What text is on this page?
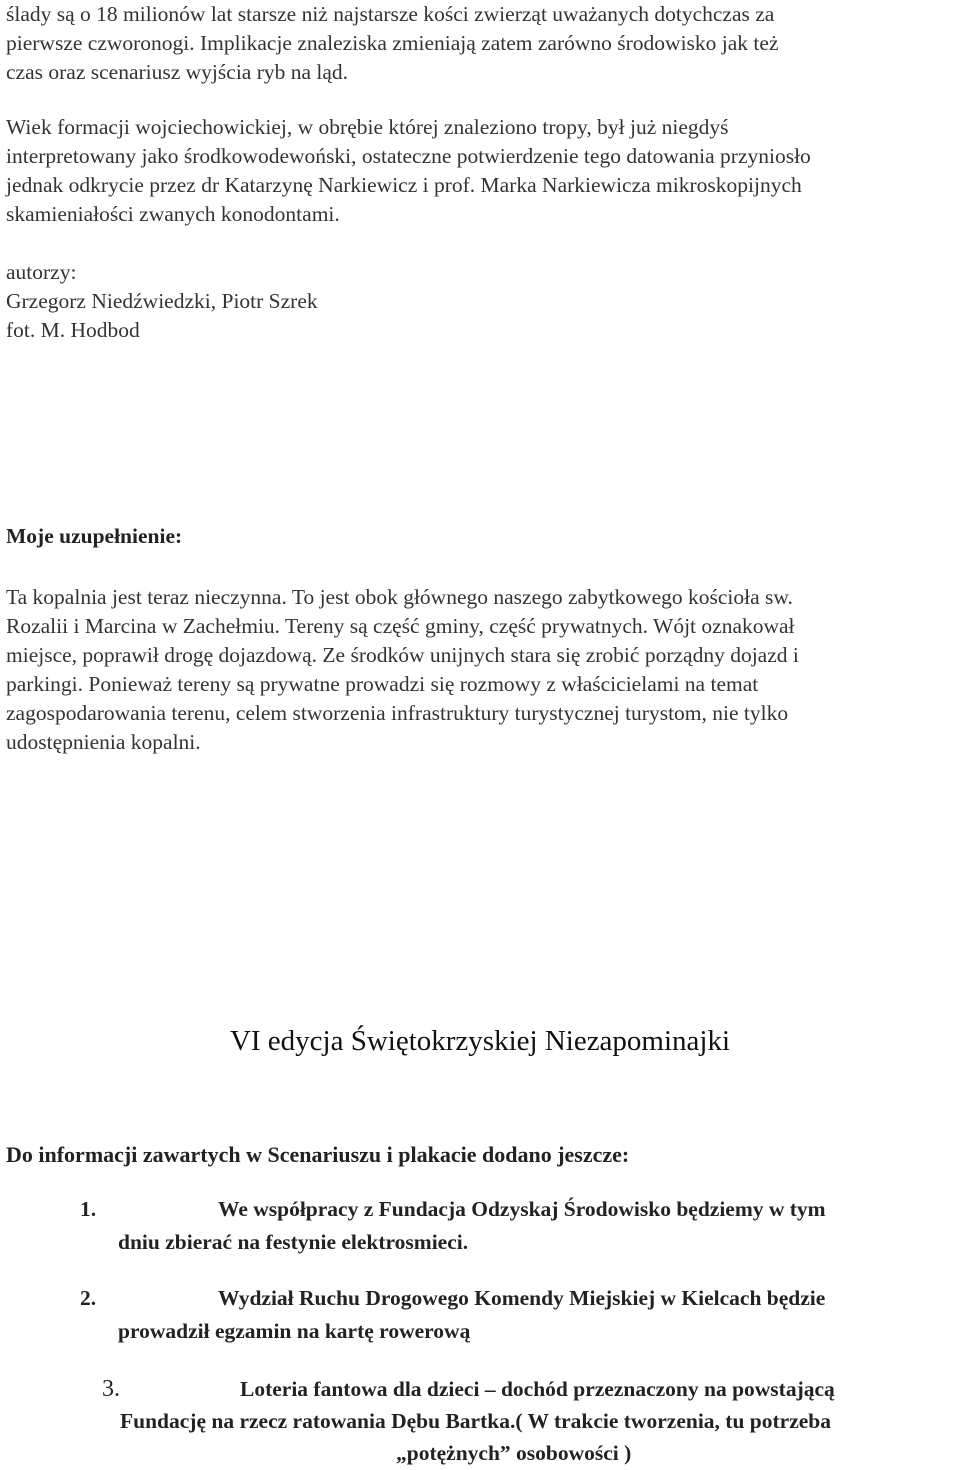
ślady są o 18 milionów lat starsze niż najstarsze kości zwierząt uważanych dotychczas za
pierwsze czworonogi. Implikacje znaleziska zmieniają zatem zarówno środowisko jak też
czas oraz scenariusz wyjścia ryb na ląd.

Wiek formacji wojciechowickiej, w obrębie której znaleziono tropy, był już niegdyś
interpretowany jako środkowodewoński, ostateczne potwierdzenie tego datowania przyniosło
jednak odkrycie przez dr Katarzynę Narkiewicz i prof. Marka Narkiewicza mikroskopijnych
skamieniałości zwanych konodontami.

autorzy:
Grzegorz Niedźwiedzki, Piotr Szrek
fot. M. Hodbod

Moje uzupełnienie:

Ta kopalnia jest teraz nieczynna. To jest obok głównego naszego zabytkowego kościoła sw.
Rozalii i Marcina w Zachełmiu. Tereny są część gminy, część prywatnych. Wójt oznakował
miejsce, poprawił drogę dojazdową. Ze środków unijnych stara się zrobić porządny dojazd i
parkingi. Ponieważ tereny są prywatne prowadzi się rozmowy z właścicielami na temat
zagospodarowania terenu, celem stworzenia infrastruktury turystycznej turystom, nie tylko
udostępnienia kopalni.

VI edycja Świętokrzyskiej Niezapominajki
Do informacji zawartych w Scenariuszu i plakacie dodano jeszcze:
1.	We współpracy z Fundacja Odzyskaj Środowisko będziemy w tym
dniu zbierać na festynie elektrosmieci.
2.	Wydział Ruchu Drogowego Komendy Miejskiej w Kielcach będzie
prowadził egzamin na kartę rowerową
3.	Loteria fantowa dla dzieci – dochód przeznaczony na powstającą
Fundację na rzecz ratowania Dębu Bartka.( W trakcie tworzenia, tu potrzeba
„potężnych” osobowości )
